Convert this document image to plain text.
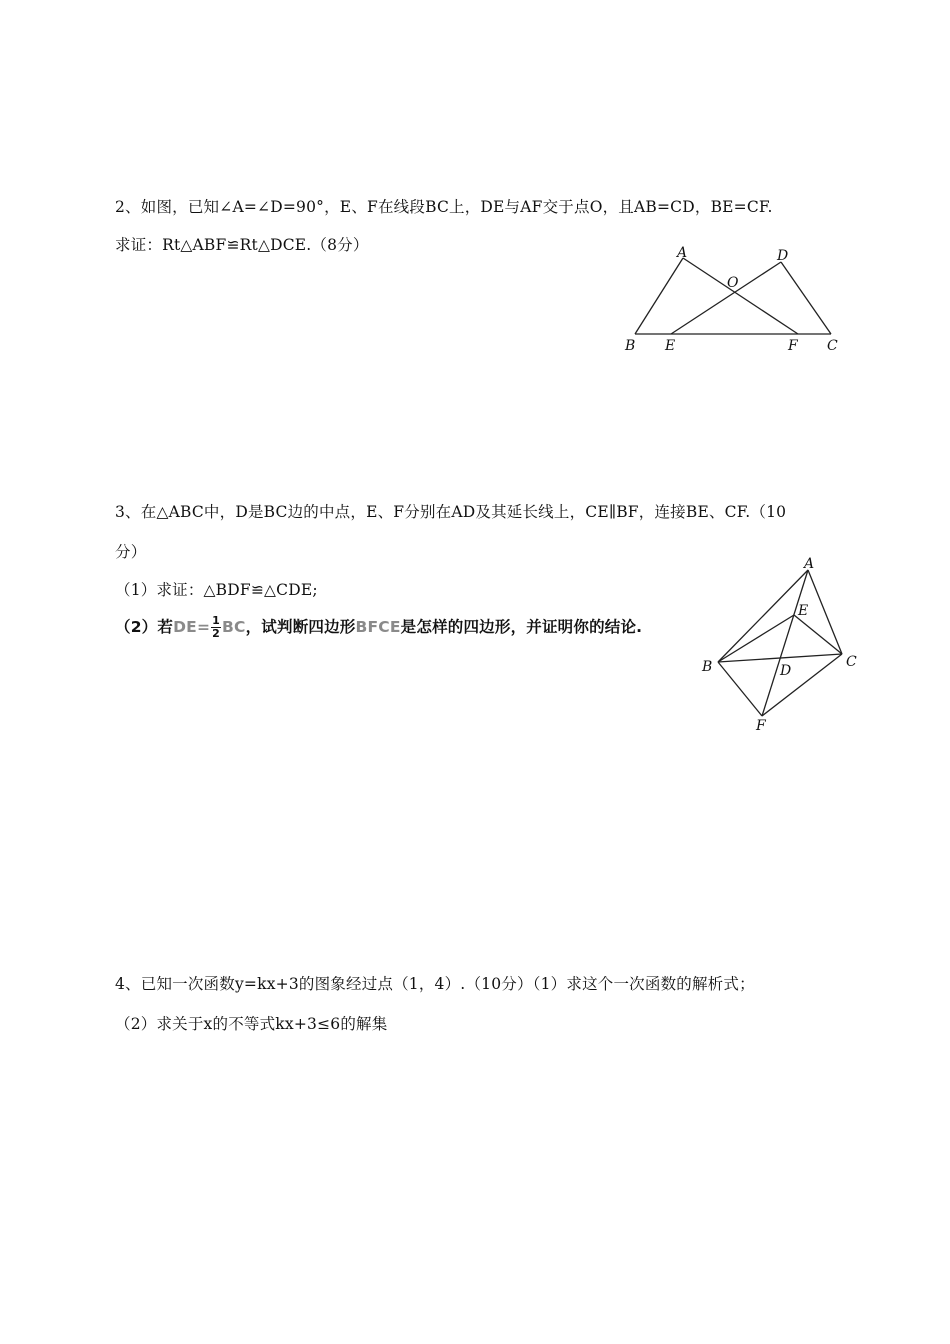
2、如图，已知∠A=∠D=90°，E、F在线段BC上，DE与AF交于点O，且AB=CD，BE=CF.
求证：Rt△ABF≌Rt△DCE.（8分）	A	D
O
B E	F C
3、在△ABC中，D是BC边的中点，E、F分别在AD及其延长线上，CE∥BF，连接BE、CF.（10
分）
（1）求证：△BDF≌△CDE;
（2）若$DE= \frac{1}{2}$ BC，试判断四边形BFCE是怎样的四边形，并证明你的结论.
A
E
B	C
D
F
4、已知一次函数y=kx+3的图象经过点（1，4）.（10分）（1）求这个一次函数的解析式；
（2）求关于x的不等式kx+3≤6的解集
